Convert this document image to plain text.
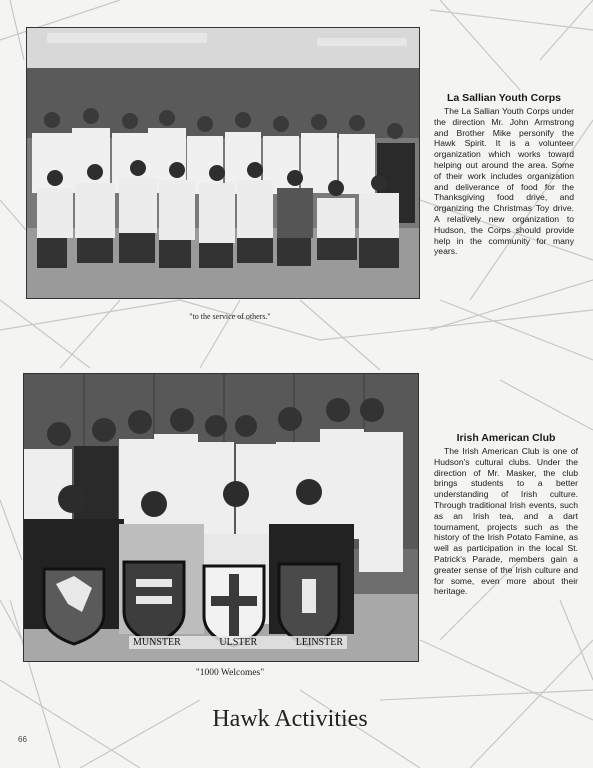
"to the service of others."
La Sallian Youth Corps

The La Sallian Youth Corps under the direction Mr. John Armstrong and Brother Mike personify the Hawk Spirit. It is a volunteer organization which works toward helping out around the area. Some of their work includes organization and deliverance of food for the Thanksgiving food drive, and organizing the Christmas Toy drive. A relatively new organization to Hudson, the Corps should provide help in the community for many years.

MUNSTER	ULSTER	LEINSTER
"1000 Welcomes"
Irish American Club

The Irish American Club is one of Hudson's cultural clubs. Under the direction of Mr. Masker, the club brings students to a better understanding of Irish culture. Through traditional Irish events, such as an Irish tea, and a dart tournament, projects such as the history of the Irish Potato Famine, as well as participation in the local St. Patrick's Parade, members gain a greater sense of the Irish culture and for some, even more about their heritage.

Hawk Activities
66
